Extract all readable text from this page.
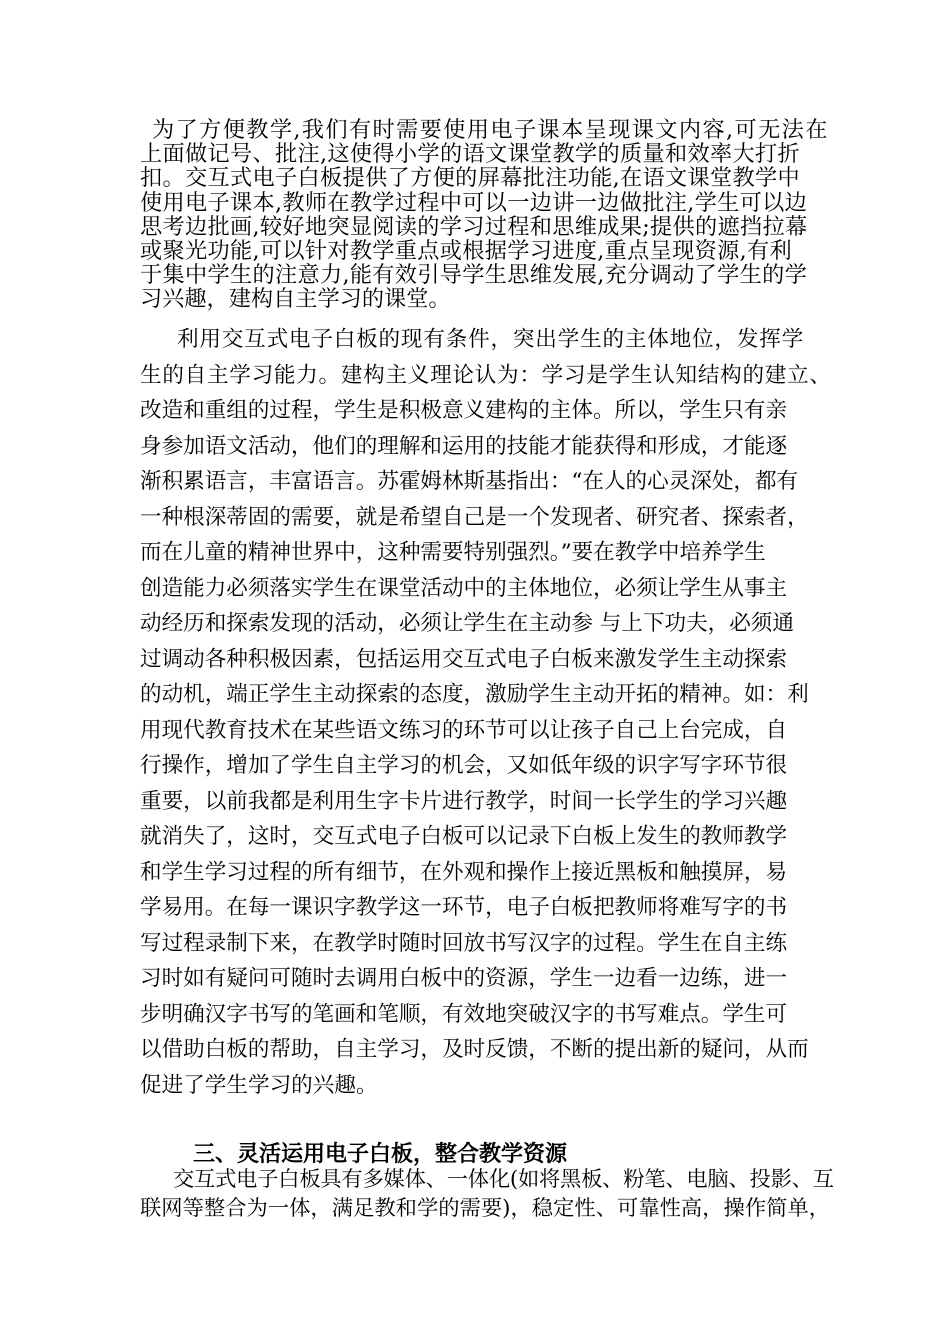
为了方便教学,我们有时需要使用电子课本呈现课文内容,可无法在
上面做记号、批注,这使得小学的语文课堂教学的质量和效率大打折
扣。交互式电子白板提供了方便的屏幕批注功能,在语文课堂教学中
使用电子课本,教师在教学过程中可以一边讲一边做批注,学生可以边
思考边批画,较好地突显阅读的学习过程和思维成果;提供的遮挡拉幕
或聚光功能,可以针对教学重点或根据学习进度,重点呈现资源,有利
于集中学生的注意力,能有效引导学生思维发展,充分调动了学生的学
习兴趣，建构自主学习的课堂。
利用交互式电子白板的现有条件，突出学生的主体地位，发挥学
生的自主学习能力。建构主义理论认为：学习是学生认知结构的建立、
改造和重组的过程，学生是积极意义建构的主体。所以，学生只有亲
身参加语文活动，他们的理解和运用的技能才能获得和形成，才能逐
渐积累语言，丰富语言。苏霍姆林斯基指出：“在人的心灵深处，都有
一种根深蒂固的需要，就是希望自己是一个发现者、研究者、探索者，
而在儿童的精神世界中，这种需要特别强烈。”要在教学中培养学生
创造能力必须落实学生在课堂活动中的主体地位，必须让学生从事主
动经历和探索发现的活动，必须让学生在主动参 与上下功夫，必须通
过调动各种积极因素，包括运用交互式电子白板来激发学生主动探索
的动机，端正学生主动探索的态度，激励学生主动开拓的精神。如：利
用现代教育技术在某些语文练习的环节可以让孩子自己上台完成，自
行操作，增加了学生自主学习的机会，又如低年级的识字写字环节很
重要，以前我都是利用生字卡片进行教学，时间一长学生的学习兴趣
就消失了，这时，交互式电子白板可以记录下白板上发生的教师教学
和学生学习过程的所有细节，在外观和操作上接近黑板和触摸屏，易
学易用。在每一课识字教学这一环节，电子白板把教师将难写字的书
写过程录制下来，在教学时随时回放书写汉字的过程。学生在自主练
习时如有疑问可随时去调用白板中的资源，学生一边看一边练，进一
步明确汉字书写的笔画和笔顺，有效地突破汉字的书写难点。学生可
以借助白板的帮助，自主学习，及时反馈，不断的提出新的疑问，从而
促进了学生学习的兴趣。
三、灵活运用电子白板，整合教学资源
交互式电子白板具有多媒体、一体化(如将黑板、粉笔、电脑、投影、互
联网等整合为一体，满足教和学的需要)，稳定性、可靠性高，操作简单，
